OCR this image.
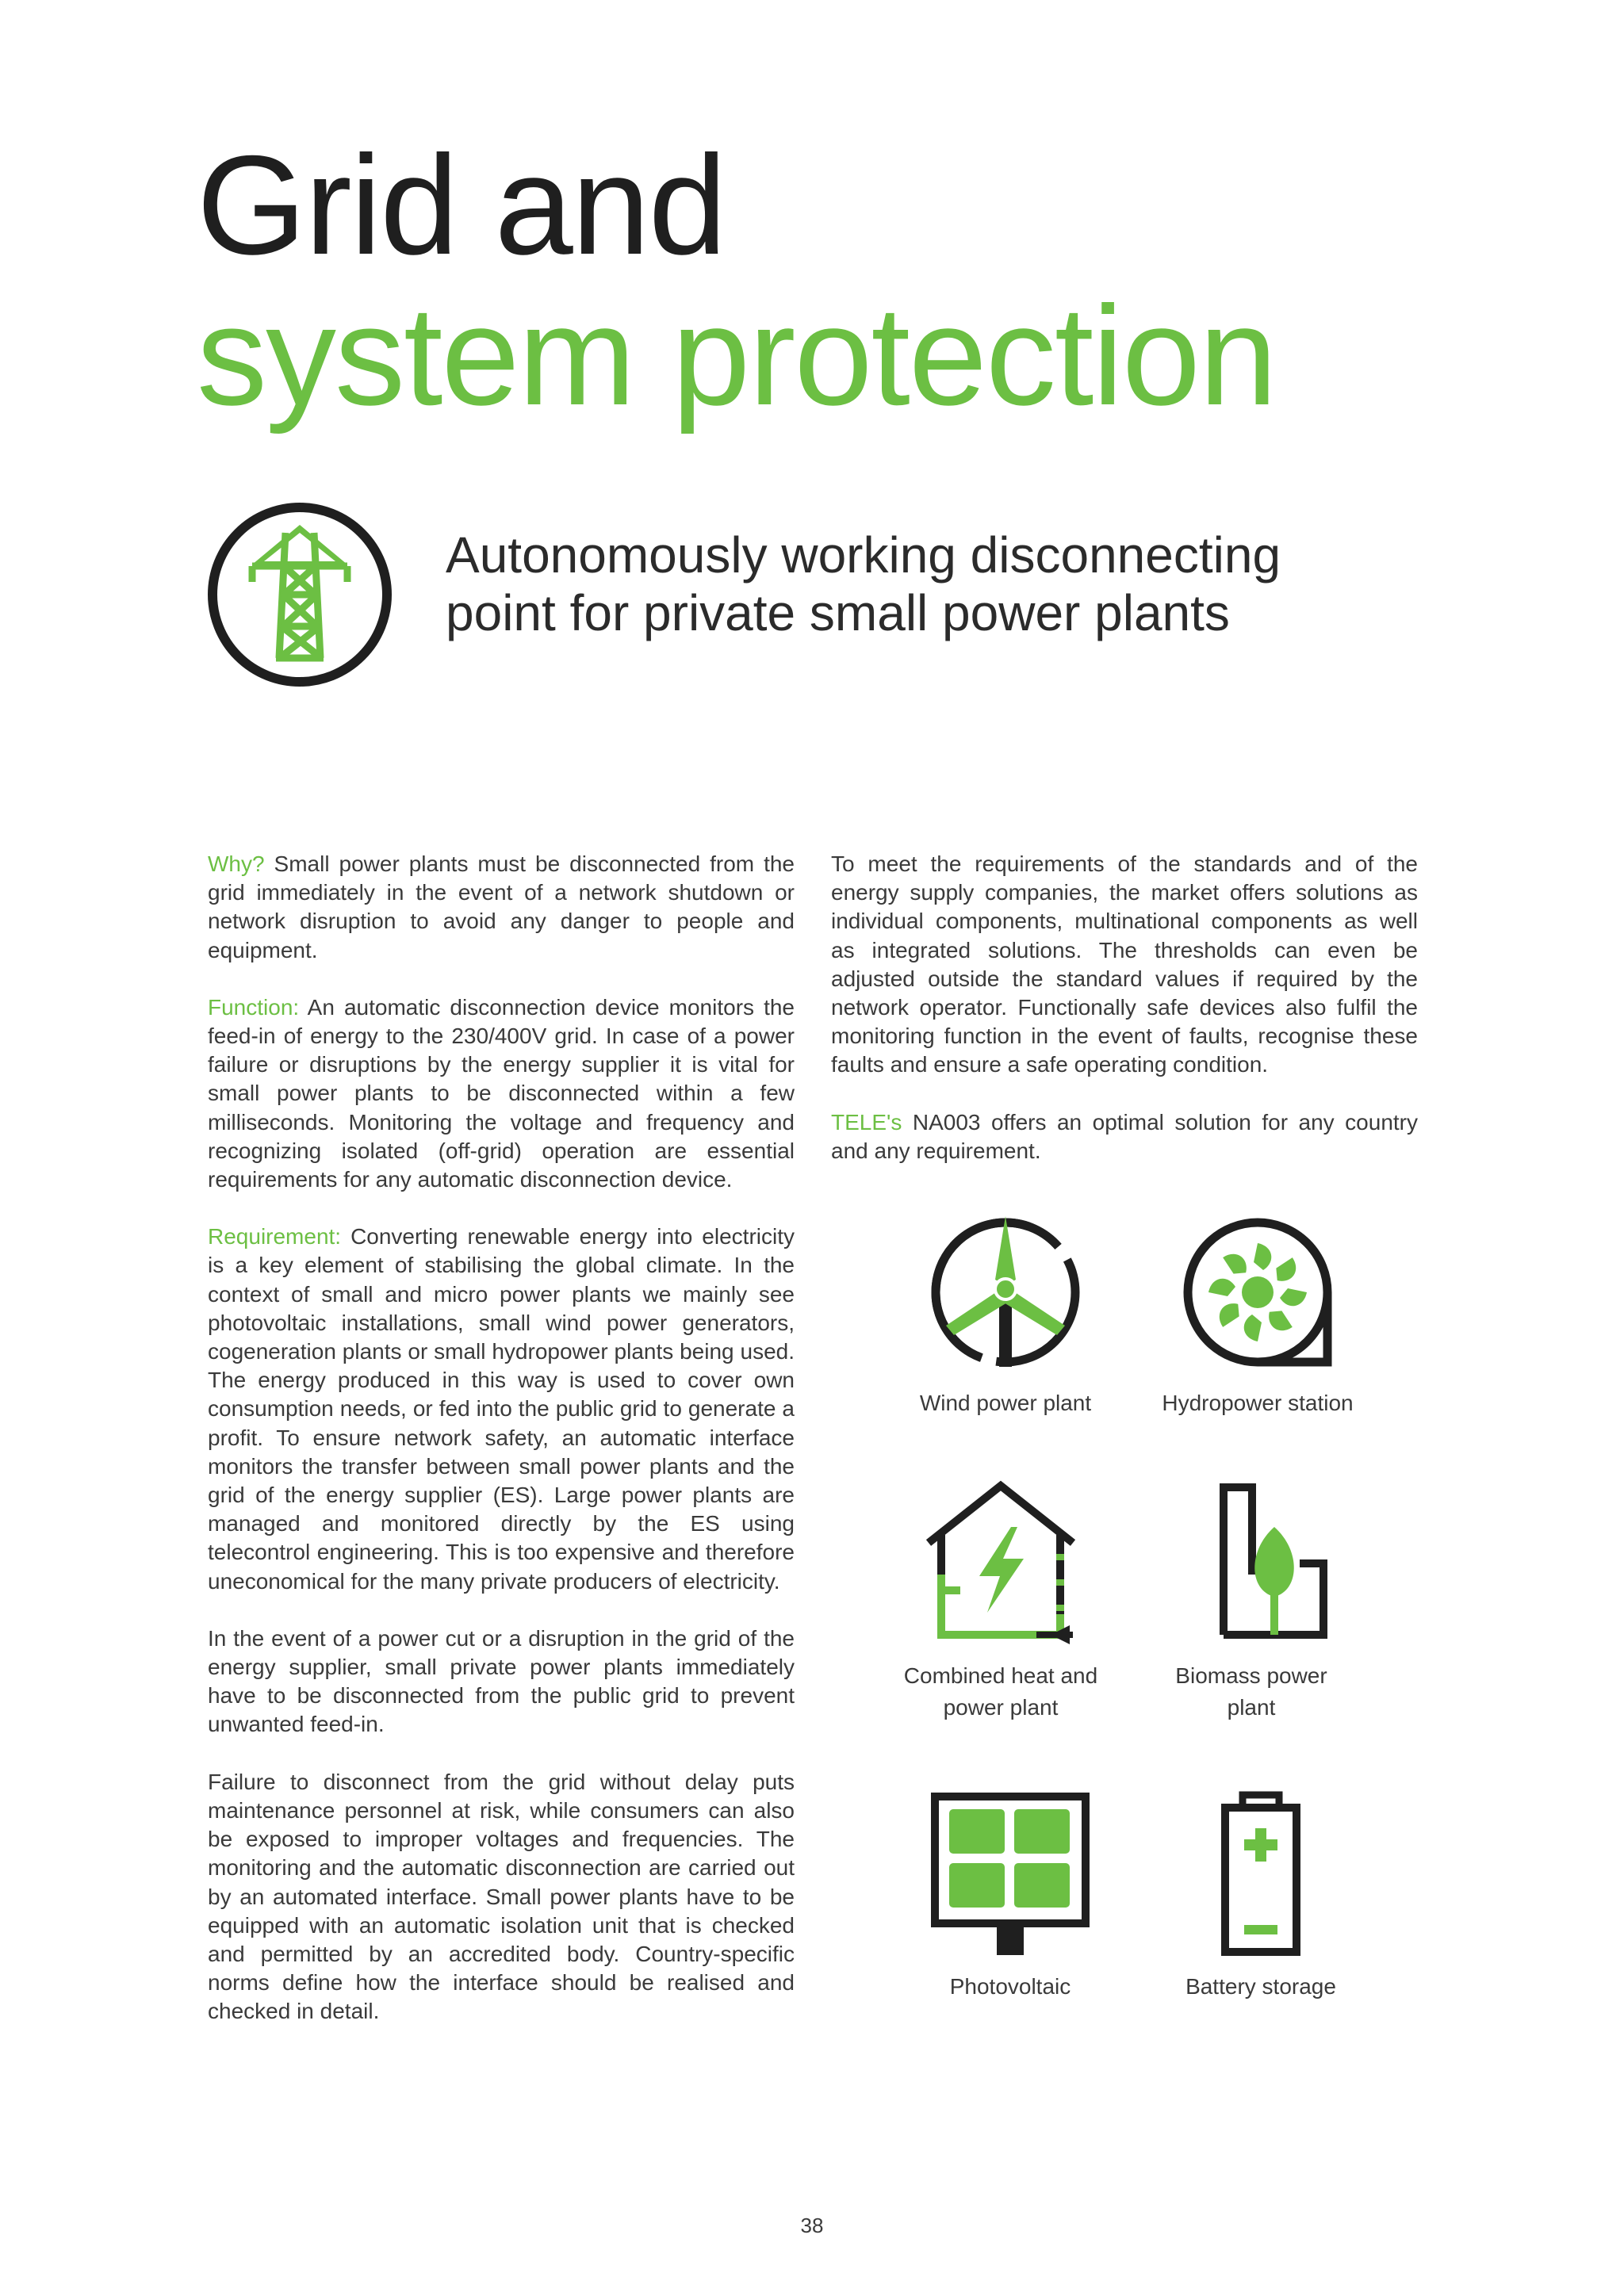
Grid and
system protection
Autonomously working disconnecting
point for private small power plants

Why? Small power plants must be disconnected from the grid immediately in the event of a network shutdown or network disruption to avoid any danger to people and equipment.

Function: An automatic disconnection device monitors the feed-in of energy to the 230/400V grid. In case of a power failure or disruptions by the energy supplier it is vital for small power plants to be disconnected within a few milliseconds. Monitoring the voltage and frequency and recognizing isolated (off-grid) operation are essential requirements for any automatic disconnection device.

Requirement: Converting renewable energy into electricity is a key element of stabilising the global climate. In the context of small and micro power plants we mainly see photovoltaic installations, small wind power generators, cogeneration plants or small hydropower plants being used. The energy produced in this way is used to cover own consumption needs, or fed into the public grid to generate a profit. To ensure network safety, an automatic interface monitors the transfer between small power plants and the grid of the energy supplier (ES). Large power plants are managed and monitored directly by the ES using telecontrol engineering. This is too expensive and therefore uneconomical for the many private producers of electricity.

In the event of a power cut or a disruption in the grid of the energy supplier, small private power plants immediately have to be disconnected from the public grid to prevent unwanted feed-in.

Failure to disconnect from the grid without delay puts maintenance personnel at risk, while consumers can also be exposed to improper voltages and frequencies. The monitoring and the automatic disconnection are carried out by an automated interface. Small power plants have to be equipped with an automatic isolation unit that is checked and permitted by an accredited body. Country-specific norms define how the interface should be realised and checked in detail.

To meet the requirements of the standards and of the energy supply companies, the market offers solutions as individual components, multinational components as well as integrated solutions. The thresholds can even be adjusted outside the standard values if required by the network operator. Functionally safe devices also fulfil the monitoring function in the event of faults, recognise these faults and ensure a safe operating condition.

TELE's NA003 offers an optimal solution for any country and any requirement.

Wind power plant	Hydropower station
Combined heat and
power plant
Biomass power
plant
Photovoltaic	Battery storage
38
